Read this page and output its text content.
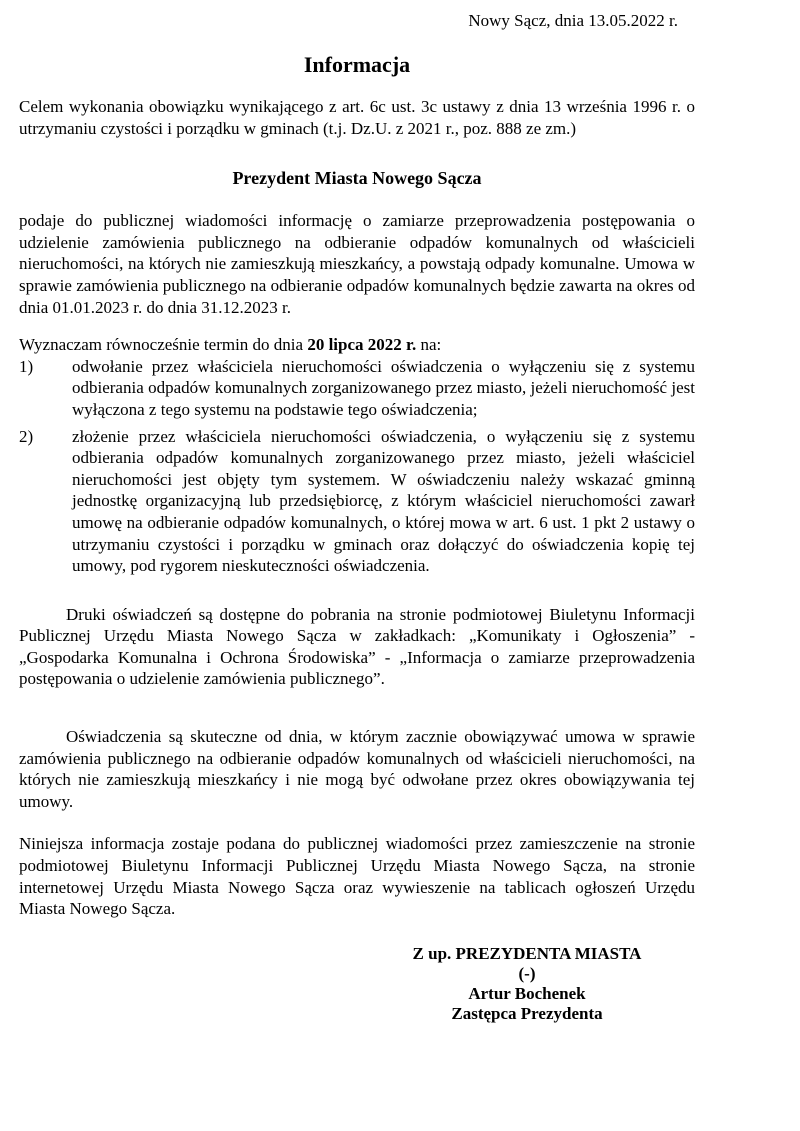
Nowy Sącz, dnia 13.05.2022 r.
Informacja

Celem wykonania obowiązku wynikającego z art. 6c ust. 3c ustawy z dnia 13 września 1996 r. o utrzymaniu czystości i porządku w gminach (t.j. Dz.U. z 2021 r., poz. 888 ze zm.)

Prezydent Miasta Nowego Sącza

podaje do publicznej wiadomości informację o zamiarze przeprowadzenia postępowania o udzielenie zamówienia publicznego na odbieranie odpadów komunalnych od właścicieli nieruchomości, na których nie zamieszkują mieszkańcy, a powstają odpady komunalne. Umowa w sprawie zamówienia publicznego na odbieranie odpadów komunalnych będzie zawarta na okres od dnia 01.01.2023 r. do dnia 31.12.2023 r.

Wyznaczam równocześnie termin do dnia 20 lipca 2022 r. na:

1)	odwołanie przez właściciela nieruchomości oświadczenia o wyłączeniu się z systemu odbierania odpadów komunalnych zorganizowanego przez miasto, jeżeli nieruchomość jest wyłączona z tego systemu na podstawie tego oświadczenia;
2)	złożenie przez właściciela nieruchomości oświadczenia, o wyłączeniu się z systemu odbierania odpadów komunalnych zorganizowanego przez miasto, jeżeli właściciel nieruchomości jest objęty tym systemem. W oświadczeniu należy wskazać gminną jednostkę organizacyjną lub przedsiębiorcę, z którym właściciel nieruchomości zawarł umowę na odbieranie odpadów komunalnych, o której mowa w art. 6 ust. 1 pkt 2 ustawy o utrzymaniu czystości i porządku w gminach oraz dołączyć do oświadczenia kopię tej umowy, pod rygorem nieskuteczności oświadczenia.

Druki oświadczeń są dostępne do pobrania na stronie podmiotowej Biuletynu Informacji Publicznej Urzędu Miasta Nowego Sącza w zakładkach: „Komunikaty i Ogłoszenia” - „Gospodarka Komunalna i Ochrona Środowiska” - „Informacja o zamiarze przeprowadzenia postępowania o udzielenie zamówienia publicznego”.

Oświadczenia są skuteczne od dnia, w którym zacznie obowiązywać umowa w sprawie zamówienia publicznego na odbieranie odpadów komunalnych od właścicieli nieruchomości, na których nie zamieszkują mieszkańcy i nie mogą być odwołane przez okres obowiązywania tej umowy.

Niniejsza informacja zostaje podana do publicznej wiadomości przez zamieszczenie na stronie podmiotowej Biuletynu Informacji Publicznej Urzędu Miasta Nowego Sącza, na stronie internetowej Urzędu Miasta Nowego Sącza oraz wywieszenie na tablicach ogłoszeń Urzędu Miasta Nowego Sącza.

Z up. PREZYDENTA MIASTA
(-)
Artur Bochenek
Zastępca Prezydenta
